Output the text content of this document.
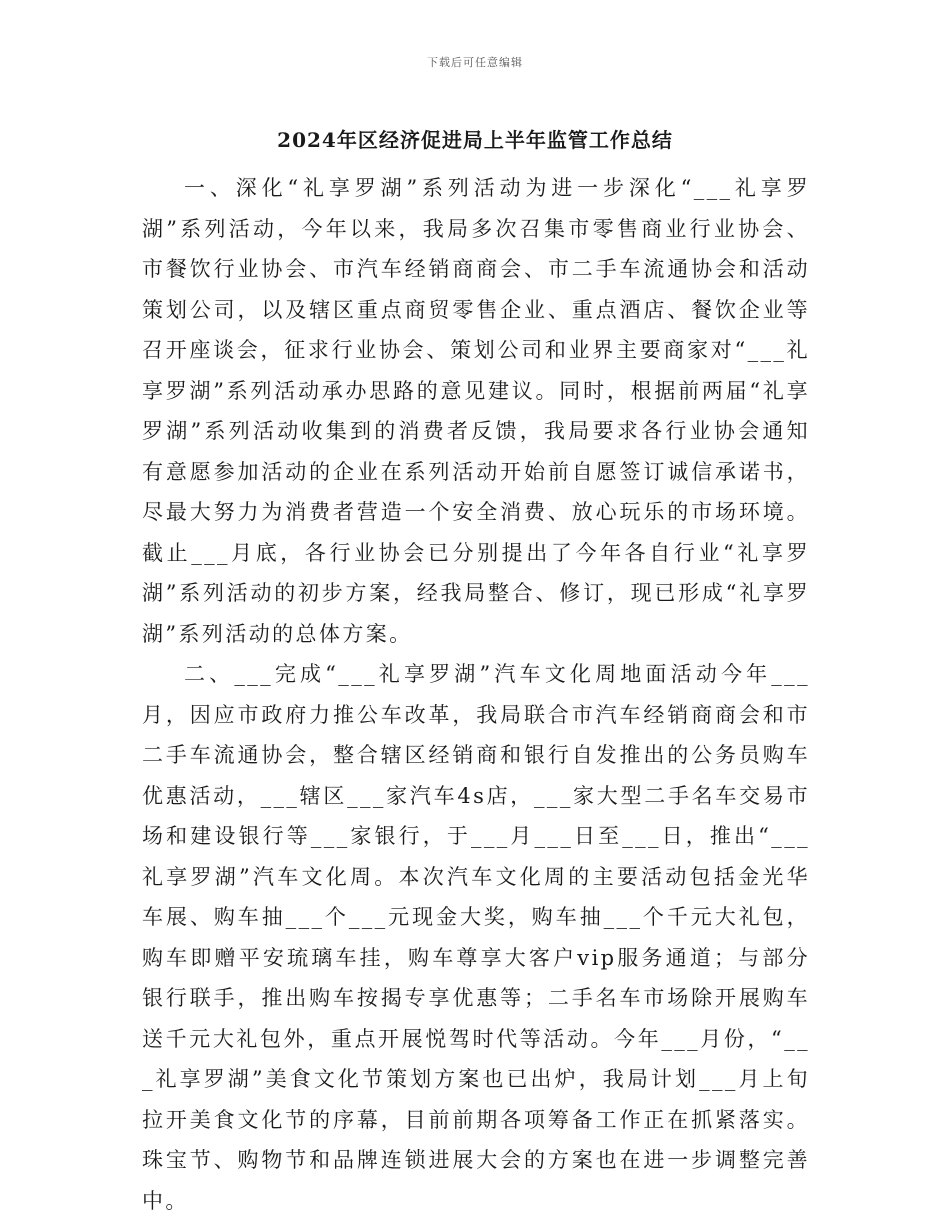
下载后可任意编辑
2024年区经济促进局上半年监管工作总结

一、深化“礼享罗湖”系列活动为进一步深化“___礼享罗湖”系列活动，今年以来，我局多次召集市零售商业行业协会、市餐饮行业协会、市汽车经销商商会、市二手车流通协会和活动策划公司，以及辖区重点商贸零售企业、重点酒店、餐饮企业等召开座谈会，征求行业协会、策划公司和业界主要商家对“___礼享罗湖”系列活动承办思路的意见建议。同时，根据前两届“礼享罗湖”系列活动收集到的消费者反馈，我局要求各行业协会通知有意愿参加活动的企业在系列活动开始前自愿签订诚信承诺书，尽最大努力为消费者营造一个安全消费、放心玩乐的市场环境。截止___月底，各行业协会已分别提出了今年各自行业“礼享罗湖”系列活动的初步方案，经我局整合、修订，现已形成“礼享罗湖”系列活动的总体方案。

二、___完成“___礼享罗湖”汽车文化周地面活动今年___月，因应市政府力推公车改革，我局联合市汽车经销商商会和市二手车流通协会，整合辖区经销商和银行自发推出的公务员购车优惠活动，___辖区___家汽车4s店，___家大型二手名车交易市场和建设银行等___家银行，于___月___日至___日，推出“___礼享罗湖”汽车文化周。本次汽车文化周的主要活动包括金光华车展、购车抽___个___元现金大奖，购车抽___个千元大礼包，购车即赠平安琉璃车挂，购车尊享大客户vip服务通道；与部分银行联手，推出购车按揭专享优惠等；二手名车市场除开展购车送千元大礼包外，重点开展悦驾时代等活动。今年___月份，“___礼享罗湖”美食文化节策划方案也已出炉，我局计划___月上旬拉开美食文化节的序幕，目前前期各项筹备工作正在抓紧落实。珠宝节、购物节和品牌连锁进展大会的方案也在进一步调整完善中。
